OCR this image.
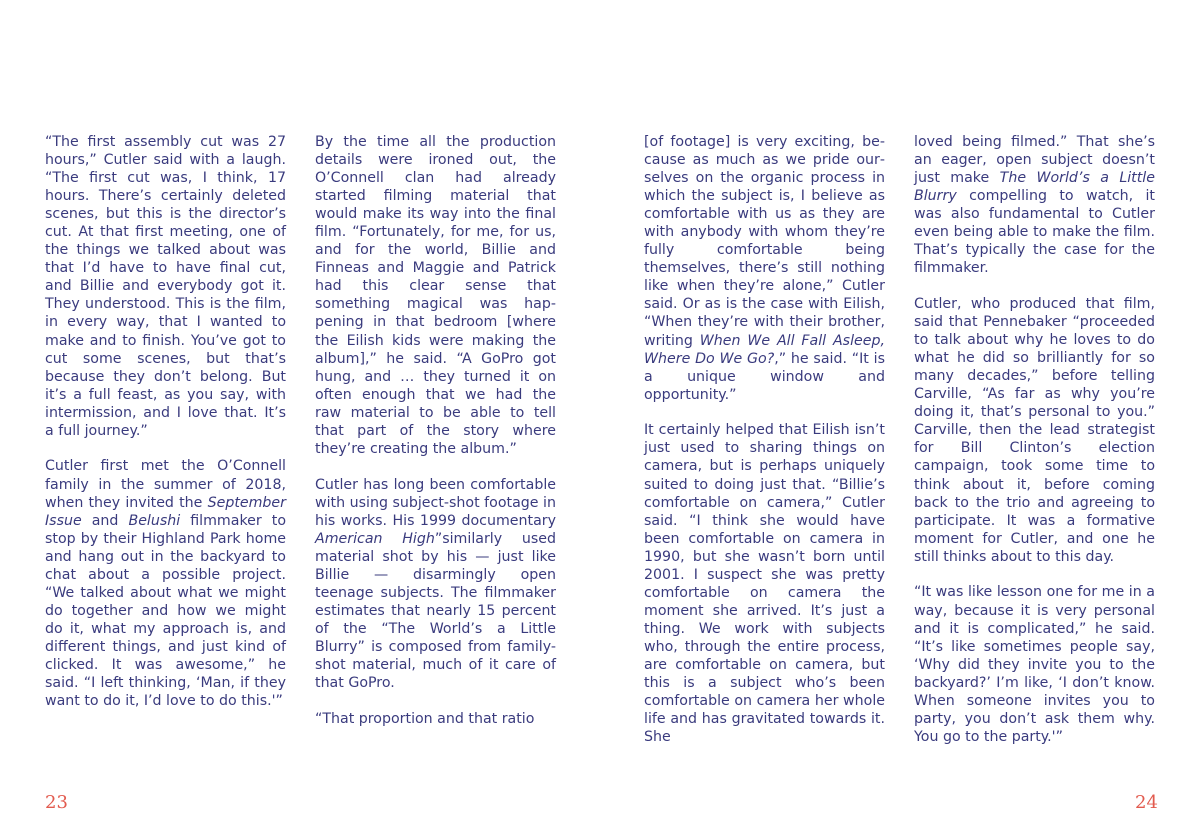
“The first assembly cut was 27 hours,” Cutler said with a laugh. “The first cut was, I think, 17 hours. There’s certainly deleted scenes, but this is the director’s cut. At that first meeting, one of the things we talked about was that I’d have to have final cut, and Billie and everybody got it. They understood. This is the film, in every way, that I wanted to make and to finish. You’ve got to cut some scenes, but that’s because they don’t belong. But it’s a full feast, as you say, with intermission, and I love that. It’s a full journey.”

Cutler first met the O’Connell family in the summer of 2018, when they invited the September Issue and Belushi filmmaker to stop by their Highland Park home and hang out in the backyard to chat about a possible project. “We talked about what we might do together and how we might do it, what my approach is, and different things, and just kind of clicked. It was awesome,” he said. “I left thinking, ‘Man, if they want to do it, I’d love to do this.'”

By the time all the production details were ironed out, the O’Connell clan had already started filming material that would make its way into the final film. “Fortunately, for me, for us, and for the world, Billie and Finneas and Maggie and Patrick had this clear sense that something magical was happening in that bedroom [where the Eilish kids were making the album],” he said. “A GoPro got hung, and … they turned it on often enough that we had the raw material to be able to tell that part of the story where they’re creating the album.”

Cutler has long been comfortable with using subject-shot footage in his works. His 1999 documentary American High”similarly used material shot by his — just like Billie — disarmingly open teenage subjects. The filmmaker estimates that nearly 15 percent of the “The World’s a Little Blurry” is composed from family-shot material, much of it care of that GoPro.

“That proportion and that ratio

[of footage] is very exciting, because as much as we pride ourselves on the organic process in which the subject is, I believe as comfortable with us as they are with anybody with whom they’re fully comfortable being themselves, there’s still nothing like when they’re alone,” Cutler said. Or as is the case with Eilish, “When they’re with their brother, writing When We All Fall Asleep, Where Do We Go?,” he said. “It is a unique window and opportunity.”

It certainly helped that Eilish isn’t just used to sharing things on camera, but is perhaps uniquely suited to doing just that. “Billie’s comfortable on camera,” Cutler said. “I think she would have been comfortable on camera in 1990, but she wasn’t born until 2001. I suspect she was pretty comfortable on camera the moment she arrived. It’s just a thing. We work with subjects who, through the entire process, are comfortable on camera, but this is a subject who’s been comfortable on camera her whole life and has gravitated towards it. She

loved being filmed.” That she’s an eager, open subject doesn’t just make The World’s a Little Blurry compelling to watch, it was also fundamental to Cutler even being able to make the film. That’s typically the case for the filmmaker.

Cutler, who produced that film, said that Pennebaker “proceeded to talk about why he loves to do what he did so brilliantly for so many decades,” before telling Carville, “As far as why you’re doing it, that’s personal to you.” Carville, then the lead strategist for Bill Clinton’s election campaign, took some time to think about it, before coming back to the trio and agreeing to participate. It was a formative moment for Cutler, and one he still thinks about to this day.

“It was like lesson one for me in a way, because it is very personal and it is complicated,” he said. “It’s like sometimes people say, ‘Why did they invite you to the backyard?’ I’m like, ‘I don’t know. When someone invites you to party, you don’t ask them why. You go to the party.'”

23	24
